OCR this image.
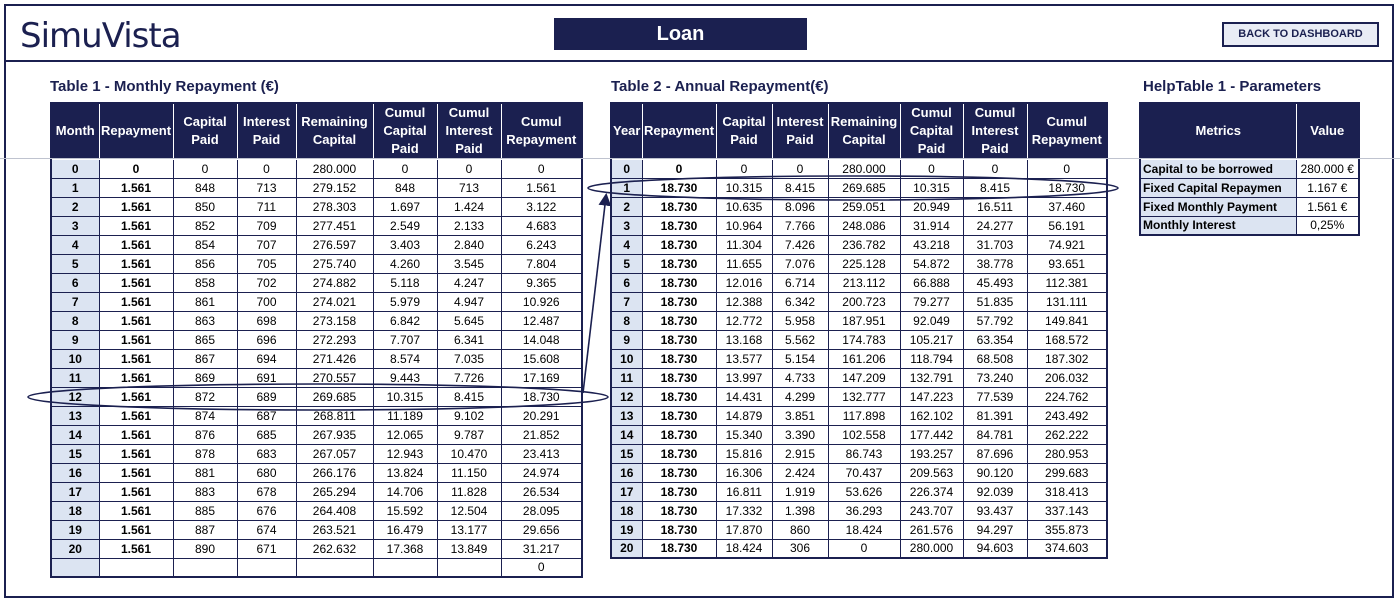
SimuVista	Loan	BACK TO DASHBOARD
Table 1 - Monthly Repayment (€)	Table 2 - Annual Repayment(€)	HelpTable 1 - Parameters
Month	Repayment	Capital Paid	Interest Paid	Remaining Capital	Cumul Capital Paid	Cumul Interest Paid	Cumul Repayment
0	0	0	0	280.000	0	0	0
1	1.561	848	713	279.152	848	713	1.561
2	1.561	850	711	278.303	1.697	1.424	3.122
3	1.561	852	709	277.451	2.549	2.133	4.683
4	1.561	854	707	276.597	3.403	2.840	6.243
5	1.561	856	705	275.740	4.260	3.545	7.804
6	1.561	858	702	274.882	5.118	4.247	9.365
7	1.561	861	700	274.021	5.979	4.947	10.926
8	1.561	863	698	273.158	6.842	5.645	12.487
9	1.561	865	696	272.293	7.707	6.341	14.048
10	1.561	867	694	271.426	8.574	7.035	15.608
11	1.561	869	691	270.557	9.443	7.726	17.169
12	1.561	872	689	269.685	10.315	8.415	18.730
13	1.561	874	687	268.811	11.189	9.102	20.291
14	1.561	876	685	267.935	12.065	9.787	21.852
15	1.561	878	683	267.057	12.943	10.470	23.413
16	1.561	881	680	266.176	13.824	11.150	24.974
17	1.561	883	678	265.294	14.706	11.828	26.534
18	1.561	885	676	264.408	15.592	12.504	28.095
19	1.561	887	674	263.521	16.479	13.177	29.656
20	1.561	890	671	262.632	17.368	13.849	31.217
							0
Year	Repayment	Capital Paid	Interest Paid	Remaining Capital	Cumul Capital Paid	Cumul Interest Paid	Cumul Repayment
0	0	0	0	280.000	0	0	0
1	18.730	10.315	8.415	269.685	10.315	8.415	18.730
2	18.730	10.635	8.096	259.051	20.949	16.511	37.460
3	18.730	10.964	7.766	248.086	31.914	24.277	56.191
4	18.730	11.304	7.426	236.782	43.218	31.703	74.921
5	18.730	11.655	7.076	225.128	54.872	38.778	93.651
6	18.730	12.016	6.714	213.112	66.888	45.493	112.381
7	18.730	12.388	6.342	200.723	79.277	51.835	131.111
8	18.730	12.772	5.958	187.951	92.049	57.792	149.841
9	18.730	13.168	5.562	174.783	105.217	63.354	168.572
10	18.730	13.577	5.154	161.206	118.794	68.508	187.302
11	18.730	13.997	4.733	147.209	132.791	73.240	206.032
12	18.730	14.431	4.299	132.777	147.223	77.539	224.762
13	18.730	14.879	3.851	117.898	162.102	81.391	243.492
14	18.730	15.340	3.390	102.558	177.442	84.781	262.222
15	18.730	15.816	2.915	86.743	193.257	87.696	280.953
16	18.730	16.306	2.424	70.437	209.563	90.120	299.683
17	18.730	16.811	1.919	53.626	226.374	92.039	318.413
18	18.730	17.332	1.398	36.293	243.707	93.437	337.143
19	18.730	17.870	860	18.424	261.576	94.297	355.873
20	18.730	18.424	306	0	280.000	94.603	374.603
Metrics	Value
Capital to be borrowed	280.000 €
Fixed Capital Repaymen	1.167 €
Fixed Monthly Payment	1.561 €
Monthly Interest	0,25%
